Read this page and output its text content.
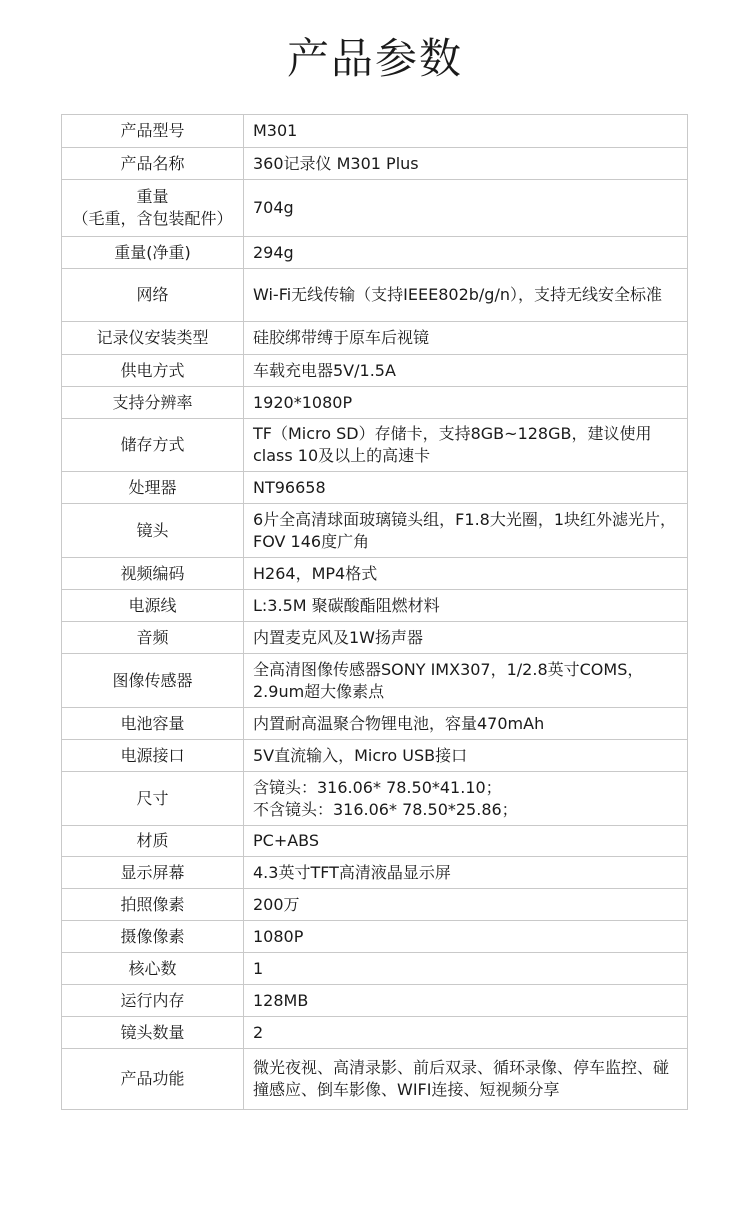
产品参数
产品型号	M301
产品名称	360记录仪 M301 Plus
重量
（毛重，含包装配件）	704g
重量(净重)	294g
网络	Wi-Fi无线传输（支持IEEE802b/g/n），支持无线安全标准
记录仪安装类型	硅胶绑带缚于原车后视镜
供电方式	车载充电器5V/1.5A
支持分辨率	1920*1080P
储存方式	TF（Micro SD）存储卡，支持8GB~128GB，建议使用class 10及以上的高速卡
处理器	NT96658
镜头	6片全高清球面玻璃镜头组，F1.8大光圈，1块红外滤光片，FOV 146度广角
视频编码	H264，MP4格式
电源线	L:3.5M 聚碳酸酯阻燃材料
音频	内置麦克风及1W扬声器
图像传感器	全高清图像传感器SONY IMX307，1/2.8英寸COMS，2.9um超大像素点
电池容量	内置耐高温聚合物锂电池，容量470mAh
电源接口	5V直流输入，Micro USB接口
尺寸	含镜头：316.06* 78.50*41.10；
不含镜头：316.06* 78.50*25.86；
材质	PC+ABS
显示屏幕	4.3英寸TFT高清液晶显示屏
拍照像素	200万
摄像像素	1080P
核心数	1
运行内存	128MB
镜头数量	2
产品功能	微光夜视、高清录影、前后双录、循环录像、停车监控、碰撞感应、倒车影像、WIFI连接、短视频分享
